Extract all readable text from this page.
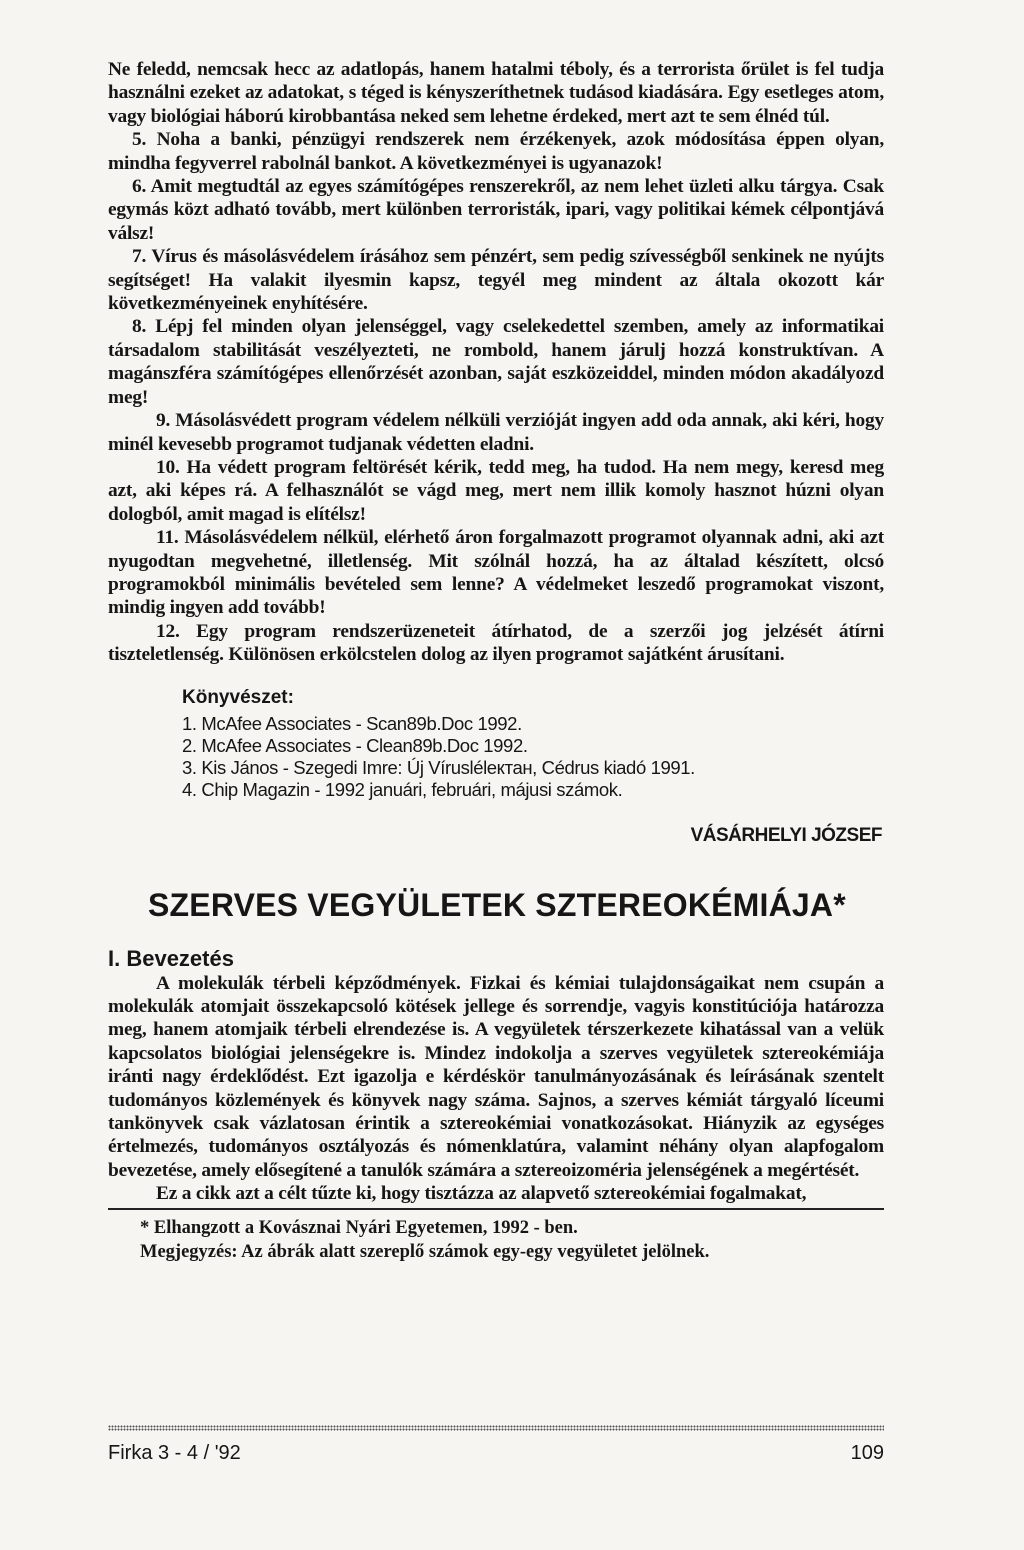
Ne feledd, nemcsak hecc az adatlopás, hanem hatalmi téboly, és a terrorista őrület is fel tudja használni ezeket az adatokat, s téged is kényszeríthetnek tudásod kiadására. Egy esetleges atom, vagy biológiai háború kirobbantása neked sem lehetne érdeked, mert azt te sem élnéd túl.

5. Noha a banki, pénzügyi rendszerek nem érzékenyek, azok módosítása éppen olyan, mindha fegyverrel rabolnál bankot. A következményei is ugyanazok!

6. Amit megtudtál az egyes számítógépes renszerekről, az nem lehet üzleti alku tárgya. Csak egymás közt adható tovább, mert különben terroristák, ipari, vagy politikai kémek célpontjává válsz!

7. Vírus és másolásvédelem írásához sem pénzért, sem pedig szívességből senkinek ne nyújts segítséget! Ha valakit ilyesmin kapsz, tegyél meg mindent az általa okozott kár következményeinek enyhítésére.

8. Lépj fel minden olyan jelenséggel, vagy cselekedettel szemben, amely az informatikai társadalom stabilitását veszélyezteti, ne rombold, hanem járulj hozzá konstruktívan. A magánszféra számítógépes ellenőrzését azonban, saját eszközeiddel, minden módon akadályozd meg!

9. Másolásvédett program védelem nélküli verzióját ingyen add oda annak, aki kéri, hogy minél kevesebb programot tudjanak védetten eladni.

10. Ha védett program feltörését kérik, tedd meg, ha tudod. Ha nem megy, keresd meg azt, aki képes rá. A felhasználót se vágd meg, mert nem illik komoly hasznot húzni olyan dologból, amit magad is elítélsz!

11. Másolásvédelem nélkül, elérhető áron forgalmazott programot olyannak adni, aki azt nyugodtan megvehetné, illetlenség. Mit szólnál hozzá, ha az általad készített, olcsó programokból minimális bevételed sem lenne? A védelmeket leszedő programokat viszont, mindig ingyen add tovább!

12. Egy program rendszerüzeneteit átírhatod, de a szerzői jog jelzését átírni tiszteletlenség. Különösen erkölcstelen dolog az ilyen programot sajátként árusítani.

Könyvészet:

1. McAfee Associates - Scan89b.Doc 1992.

2. McAfee Associates - Clean89b.Doc 1992.

3. Kis János - Szegedi Imre: Új Vírusléleктан, Cédrus kiadó 1991.

4. Chip Magazin - 1992 januári, februári, májusi számok.

VÁSÁRHELYI JÓZSEF
SZERVES VEGYÜLETEK SZTEREOKÉMIÁJA*
I. Bevezetés

A molekulák térbeli képződmények. Fizkai és kémiai tulajdonságaikat nem csupán a molekulák atomjait összekapcsoló kötések jellege és sorrendje, vagyis konstitúciója határozza meg, hanem atomjaik térbeli elrendezése is. A vegyületek térszerkezete kihatással van a velük kapcsolatos biológiai jelenségekre is. Mindez indokolja a szerves vegyületek sztereokémiája iránti nagy érdeklődést. Ezt igazolja e kérdéskör tanulmányozásának és leírásának szentelt tudományos közlemények és könyvek nagy száma. Sajnos, a szerves kémiát tárgyaló líceumi tankönyvek csak vázlatosan érintik a sztereokémiai vonatkozásokat. Hiányzik az egységes értelmezés, tudományos osztályozás és nómenklatúra, valamint néhány olyan alapfogalom bevezetése, amely elősegítené a tanulók számára a sztereoizoméria jelenségének a megértését.

Ez a cikk azt a célt tűzte ki, hogy tisztázza az alapvető sztereokémiai fogalmakat,

* Elhangzott a Kovásznai Nyári Egyetemen, 1992 - ben.

Megjegyzés: Az ábrák alatt szereplő számok egy-egy vegyületet jelölnek.

Firka 3 - 4 / '92	109
